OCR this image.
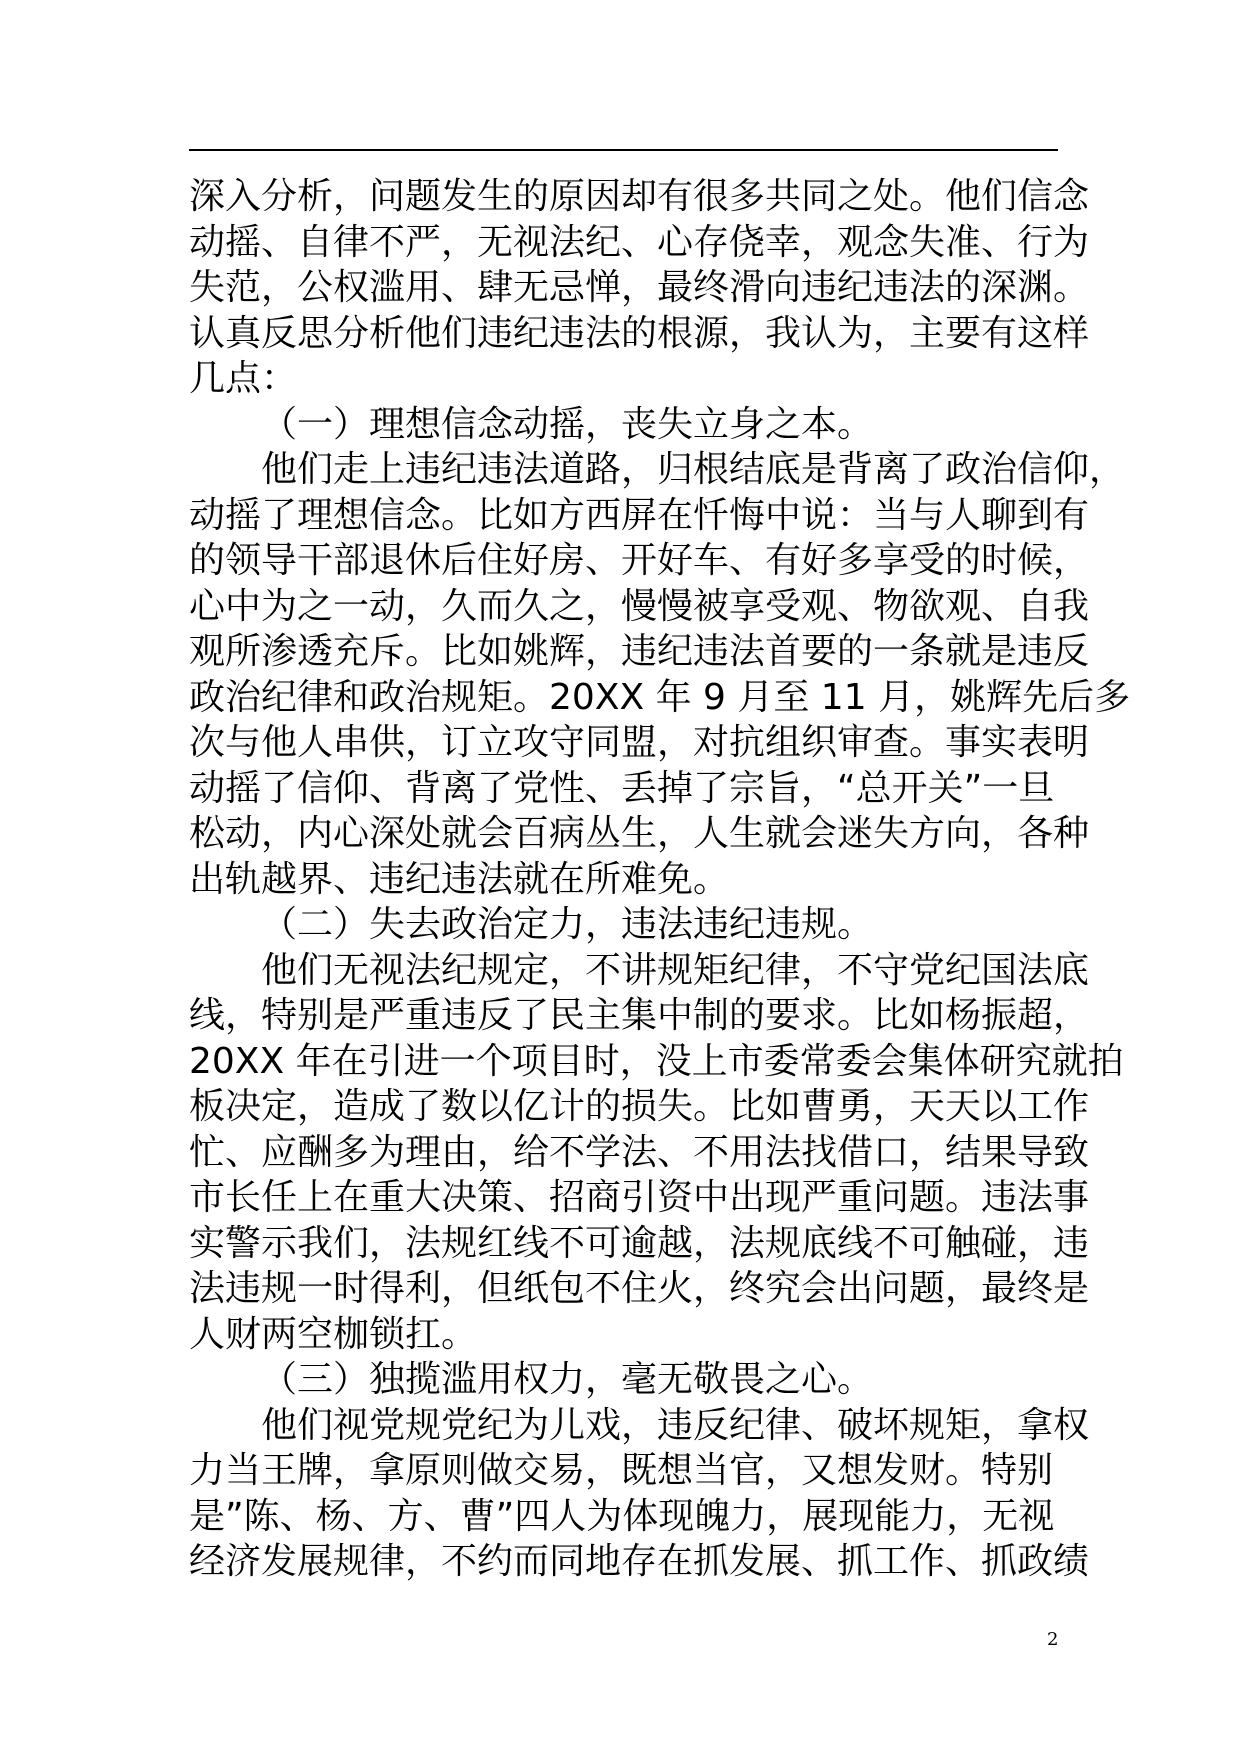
深入分析，问题发生的原因却有很多共同之处。他们信念
动摇、自律不严，无视法纪、心存侥幸，观念失准、行为
失范，公权滥用、肆无忌惮，最终滑向违纪违法的深渊。
认真反思分析他们违纪违法的根源，我认为，主要有这样
几点：
（一）理想信念动摇，丧失立身之本。
他们走上违纪违法道路，归根结底是背离了政治信仰，
动摇了理想信念。比如方西屏在忏悔中说：当与人聊到有
的领导干部退休后住好房、开好车、有好多享受的时候，
心中为之一动，久而久之，慢慢被享受观、物欲观、自我
观所渗透充斥。比如姚辉，违纪违法首要的一条就是违反
政治纪律和政治规矩。20XX 年 9 月至 11 月，姚辉先后多
次与他人串供，订立攻守同盟，对抗组织审查。事实表明
动摇了信仰、背离了党性、丢掉了宗旨，“总开关”一旦
松动，内心深处就会百病丛生，人生就会迷失方向，各种
出轨越界、违纪违法就在所难免。
（二）失去政治定力，违法违纪违规。
他们无视法纪规定，不讲规矩纪律，不守党纪国法底
线，特别是严重违反了民主集中制的要求。比如杨振超，
20XX 年在引进一个项目时，没上市委常委会集体研究就拍
板决定，造成了数以亿计的损失。比如曹勇，天天以工作
忙、应酬多为理由，给不学法、不用法找借口，结果导致
市长任上在重大决策、招商引资中出现严重问题。违法事
实警示我们，法规红线不可逾越，法规底线不可触碰，违
法违规一时得利，但纸包不住火，终究会出问题，最终是
人财两空枷锁扛。
（三）独揽滥用权力，毫无敬畏之心。
他们视党规党纪为儿戏，违反纪律、破坏规矩，拿权
力当王牌，拿原则做交易，既想当官，又想发财。特别
是”陈、杨、方、曹”四人为体现魄力，展现能力，无视
经济发展规律，不约而同地存在抓发展、抓工作、抓政绩
2
